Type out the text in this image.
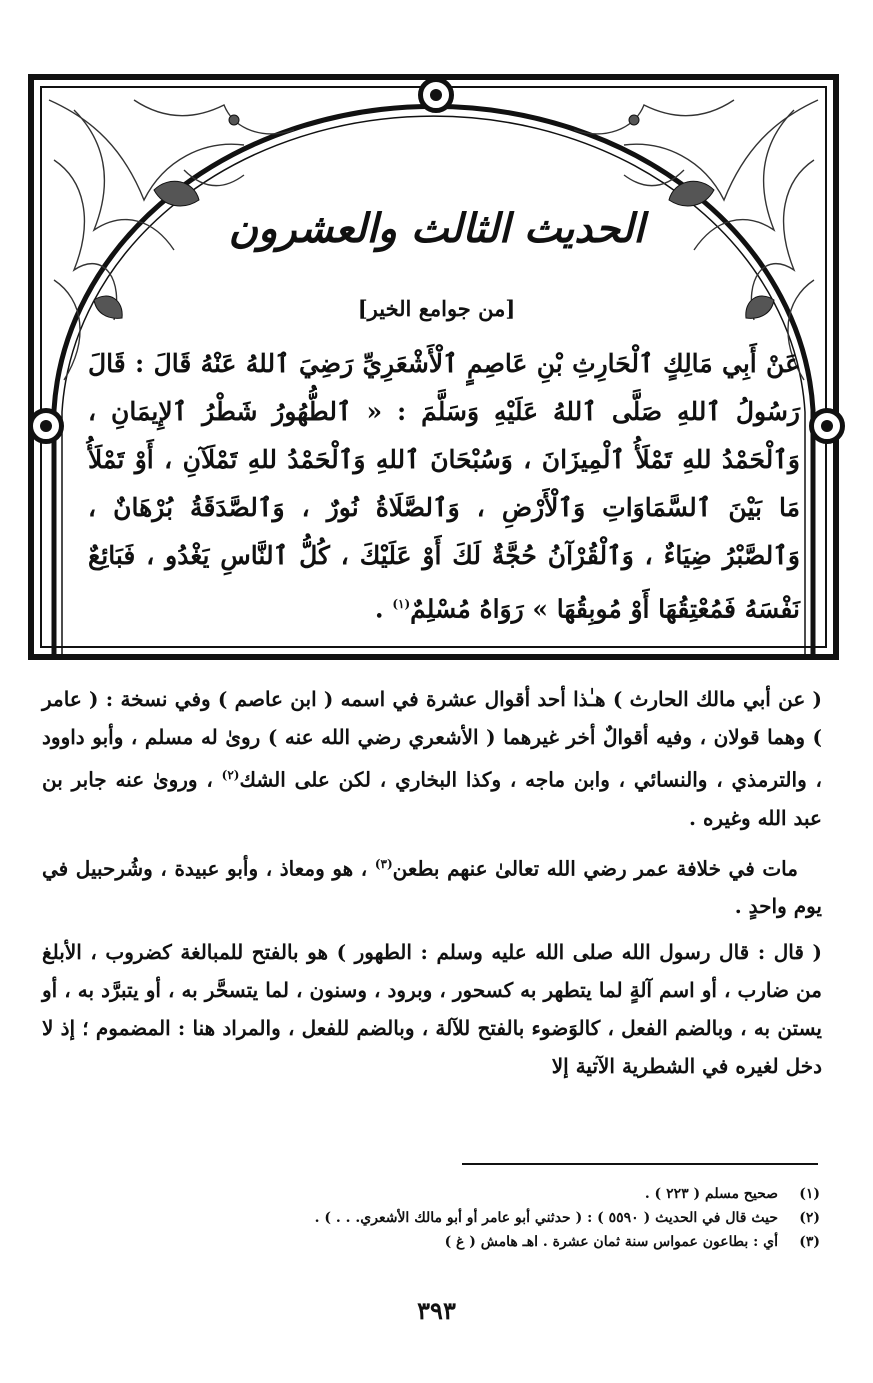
الحديث الثالث والعشرون
[من جوامع الخير]
عَنْ أَبِي مَالِكٍ ٱلْحَارِثِ بْنِ عَاصِمٍ ٱلْأَشْعَرِيِّ رَضِيَ ٱللهُ عَنْهُ قَالَ : قَالَ رَسُولُ ٱللهِ صَلَّى ٱللهُ عَلَيْهِ وَسَلَّمَ : « ٱلطُّهُورُ شَطْرُ ٱلإِيمَانِ ، وَٱلْحَمْدُ للهِ تَمْلَأُ ٱلْمِيزَانَ ، وَسُبْحَانَ ٱللهِ وَٱلْحَمْدُ للهِ تَمْلَآنِ ، أَوْ تَمْلَأُ مَا بَيْنَ ٱلسَّمَاوَاتِ وَٱلْأَرْضِ ، وَٱلصَّلَاةُ نُورٌ ، وَٱلصَّدَقَةُ بُرْهَانٌ ، وَٱلصَّبْرُ ضِيَاءٌ ، وَٱلْقُرْآنُ حُجَّةٌ لَكَ أَوْ عَلَيْكَ ، كُلُّ ٱلنَّاسِ يَغْدُو ، فَبَائِعٌ نَفْسَهُ فَمُعْتِقُهَا أَوْ مُوبِقُهَا » رَوَاهُ مُسْلِمٌ$^{(١)}$ .

( عن أبي مالك الحارث ) هـٰذا أحد أقوال عشرة في اسمه ( ابن عاصم ) وفي نسخة : ( عامر ) وهما قولان ، وفيه أقوالٌ أخر غيرهما ( الأشعري رضي الله عنه ) رویٰ له مسلم ، وأبو داوود ، والترمذي ، والنسائي ، وابن ماجه ، وكذا البخاري ، لكن على الشك$^{(٢)}$ ، وروىٰ عنه جابر بن عبد الله وغيره .

مات في خلافة عمر رضي الله تعالىٰ عنهم بطعن$^{(٣)}$ ، هو ومعاذ ، وأبو عبيدة ، وشُرحبيل في يوم واحدٍ .

( قال : قال رسول الله صلى الله عليه وسلم : الطهور ) هو بالفتح للمبالغة كضروب ، الأبلغ من ضارب ، أو اسم آلةٍ لما يتطهر به كسحور ، وبرود ، وسنون ، لما يتسحَّر به ، أو يتبرَّد به ، أو يستن به ، وبالضم الفعل ، كالوَضوء بالفتح للآلة ، وبالضم للفعل ، والمراد هنا : المضموم ؛ إذ لا دخل لغيره في الشطرية الآتية إلا

(١)
صحيح مسلم ( ٢٢٣ ) .
(٢)
حيث قال في الحديث ( ٥٥٩٠ ) : ( حدثني أبو عامر أو أبو مالك الأشعري. . . ) .
(٣)
أي : بطاعون عمواس سنة ثمان عشرة . اهـ هامش ( غ )
٣٩٣
